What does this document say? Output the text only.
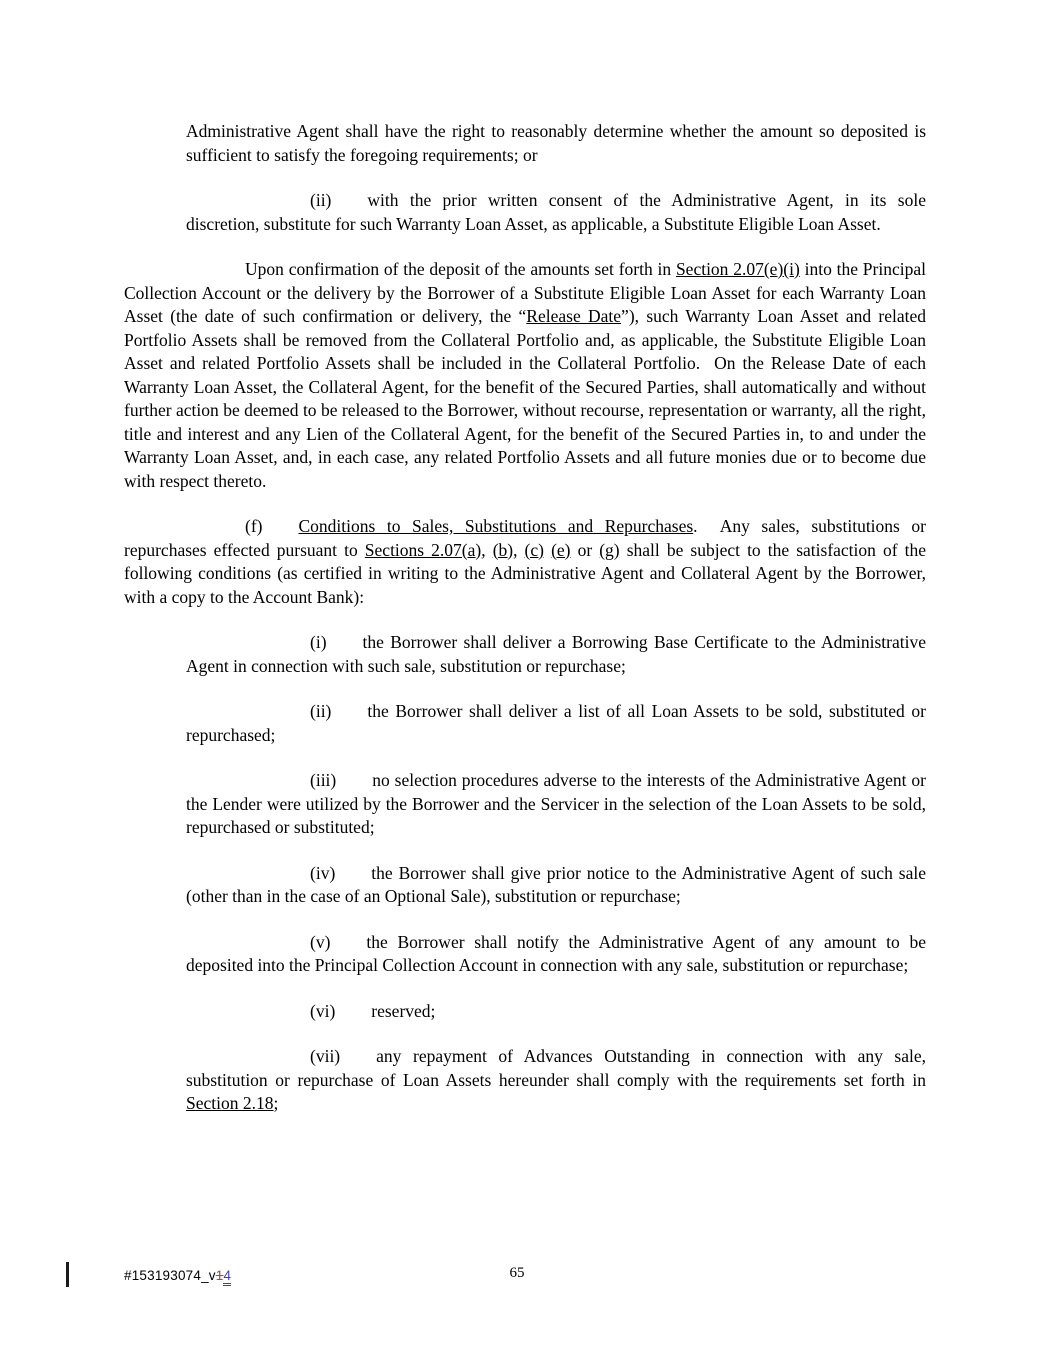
Administrative Agent shall have the right to reasonably determine whether the amount so deposited is sufficient to satisfy the foregoing requirements; or

(ii) with the prior written consent of the Administrative Agent, in its sole discretion, substitute for such Warranty Loan Asset, as applicable, a Substitute Eligible Loan Asset.

Upon confirmation of the deposit of the amounts set forth in Section 2.07(e)(i) into the Principal Collection Account or the delivery by the Borrower of a Substitute Eligible Loan Asset for each Warranty Loan Asset (the date of such confirmation or delivery, the “Release Date”), such Warranty Loan Asset and related Portfolio Assets shall be removed from the Collateral Portfolio and, as applicable, the Substitute Eligible Loan Asset and related Portfolio Assets shall be included in the Collateral Portfolio.  On the Release Date of each Warranty Loan Asset, the Collateral Agent, for the benefit of the Secured Parties, shall automatically and without further action be deemed to be released to the Borrower, without recourse, representation or warranty, all the right, title and interest and any Lien of the Collateral Agent, for the benefit of the Secured Parties in, to and under the Warranty Loan Asset, and, in each case, any related Portfolio Assets and all future monies due or to become due with respect thereto.

(f) Conditions to Sales, Substitutions and Repurchases.  Any sales, substitutions or repurchases effected pursuant to Sections 2.07(a), (b), (c) (e) or (g) shall be subject to the satisfaction of the following conditions (as certified in writing to the Administrative Agent and Collateral Agent by the Borrower, with a copy to the Account Bank):

(i) the Borrower shall deliver a Borrowing Base Certificate to the Administrative Agent in connection with such sale, substitution or repurchase;

(ii) the Borrower shall deliver a list of all Loan Assets to be sold, substituted or repurchased;

(iii) no selection procedures adverse to the interests of the Administrative Agent or the Lender were utilized by the Borrower and the Servicer in the selection of the Loan Assets to be sold, repurchased or substituted;

(iv) the Borrower shall give prior notice to the Administrative Agent of such sale (other than in the case of an Optional Sale), substitution or repurchase;

(v) the Borrower shall notify the Administrative Agent of any amount to be deposited into the Principal Collection Account in connection with any sale, substitution or repurchase;

(vi) reserved;

(vii) any repayment of Advances Outstanding in connection with any sale, substitution or repurchase of Loan Assets hereunder shall comply with the requirements set forth in Section 2.18;

#153193074_v14	65
